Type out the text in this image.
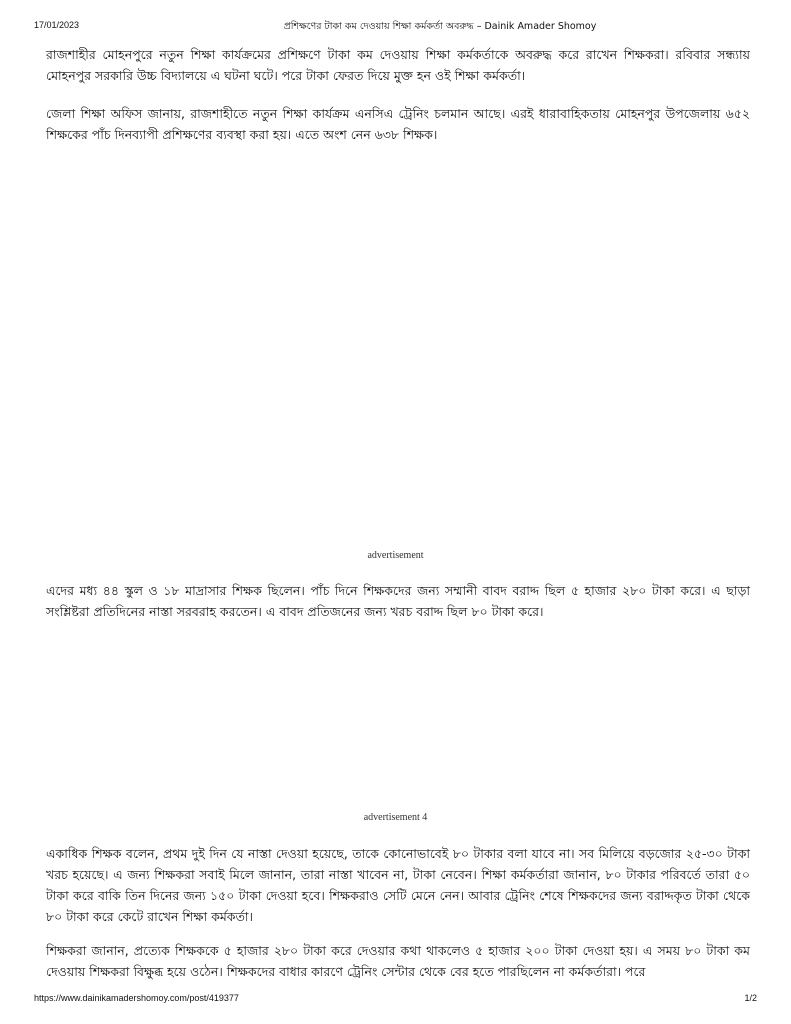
17/01/2023	প্রশিক্ষণের টাকা কম দেওয়ায় শিক্ষা কর্মকর্তা অবরুদ্ধ – Dainik Amader Shomoy

রাজশাহীর মোহনপুরে নতুন শিক্ষা কার্যক্রমের প্রশিক্ষণে টাকা কম দেওয়ায় শিক্ষা কর্মকর্তাকে অবরুদ্ধ করে রাখেন শিক্ষকরা। রবিবার সন্ধ্যায় মোহনপুর সরকারি উচ্চ বিদ্যালয়ে এ ঘটনা ঘটে। পরে টাকা ফেরত দিয়ে মুক্ত হন ওই শিক্ষা কর্মকর্তা।

জেলা শিক্ষা অফিস জানায়, রাজশাহীতে নতুন শিক্ষা কার্যক্রম এনসিএ ট্রেনিং চলমান আছে। এরই ধারাবাহিকতায় মোহনপুর উপজেলায় ৬৫২ শিক্ষকের পাঁচ দিনব্যাপী প্রশিক্ষণের ব্যবস্থা করা হয়। এতে অংশ নেন ৬৩৮ শিক্ষক।

advertisement

এদের মধ্য ৪৪ স্কুল ও ১৮ মাদ্রাসার শিক্ষক ছিলেন। পাঁচ দিনে শিক্ষকদের জন্য সম্মানী বাবদ বরাদ্দ ছিল ৫ হাজার ২৮০ টাকা করে। এ ছাড়া সংশ্লিষ্টরা প্রতিদিনের নাস্তা সরবরাহ করতেন। এ বাবদ প্রতিজনের জন্য খরচ বরাদ্দ ছিল ৮০ টাকা করে।

advertisement 4

একাধিক শিক্ষক বলেন, প্রথম দুই দিন যে নাস্তা দেওয়া হয়েছে, তাকে কোনোভাবেই ৮০ টাকার বলা যাবে না। সব মিলিয়ে বড়জোর ২৫-৩০ টাকা খরচ হয়েছে। এ জন্য শিক্ষকরা সবাই মিলে জানান, তারা নাস্তা খাবেন না, টাকা নেবেন। শিক্ষা কর্মকর্তারা জানান, ৮০ টাকার পরিবর্তে তারা ৫০ টাকা করে বাকি তিন দিনের জন্য ১৫০ টাকা দেওয়া হবে। শিক্ষকরাও সেটি মেনে নেন। আবার ট্রেনিং শেষে শিক্ষকদের জন্য বরাদ্দকৃত টাকা থেকে ৮০ টাকা করে কেটে রাখেন শিক্ষা কর্মকর্তা।

শিক্ষকরা জানান, প্রত্যেক শিক্ষককে ৫ হাজার ২৮০ টাকা করে দেওয়ার কথা থাকলেও ৫ হাজার ২০০ টাকা দেওয়া হয়। এ সময় ৮০ টাকা কম দেওয়ায় শিক্ষকরা বিক্ষুব্ধ হয়ে ওঠেন। শিক্ষকদের বাধার কারণে ট্রেনিং সেন্টার থেকে বের হতে পারছিলেন না কর্মকর্তারা। পরে

https://www.dainikamadershomoy.com/post/419377	1/2
